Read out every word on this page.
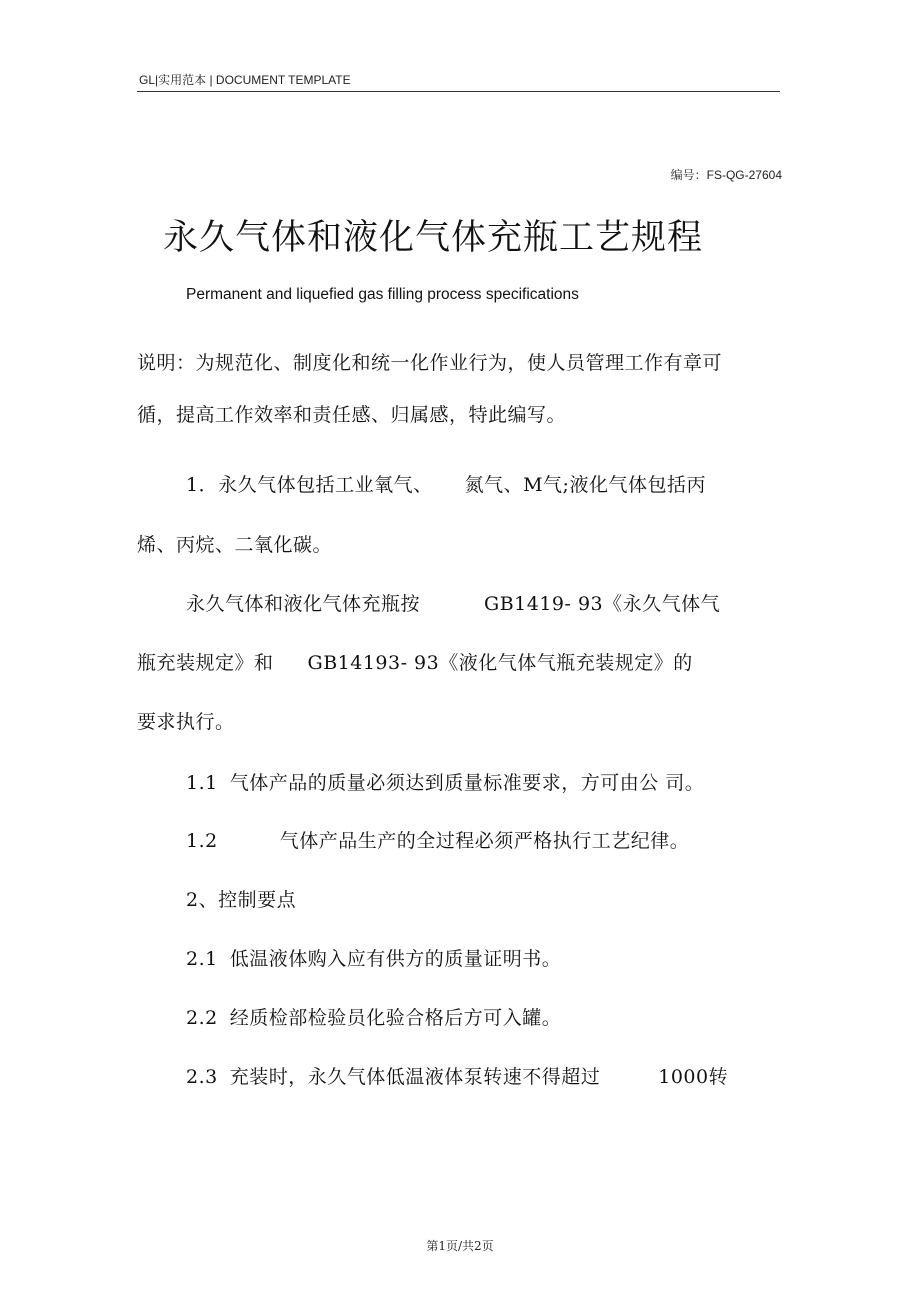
GL|实用范本 | DOCUMENT TEMPLATE
编号：FS-QG-27604
永久气体和液化气体充瓶工艺规程
Permanent and liquefied gas filling process specifications
说明：为规范化、制度化和统一化作业行为，使人员管理工作有章可
循，提高工作效率和责任感、归属感，特此编写。
1．永久气体包括工业氧气、 氮气、M气;液化气体包括丙
烯、丙烷、二氧化碳。
永久气体和液化气体充瓶按	GB1419- 93《永久气体气
瓶充装规定》和 GB14193- 93《液化气体气瓶充装规定》的
要求执行。
1.1 气体产品的质量必须达到质量标准要求，方可由公 司。
1.2	气体产品生产的全过程必须严格执行工艺纪律。
2、控制要点
2.1 低温液体购入应有供方的质量证明书。
2.2 经质检部检验员化验合格后方可入罐。
2.3 充装时，永久气体低温液体泵转速不得超过	1000转
第1页/共2页
